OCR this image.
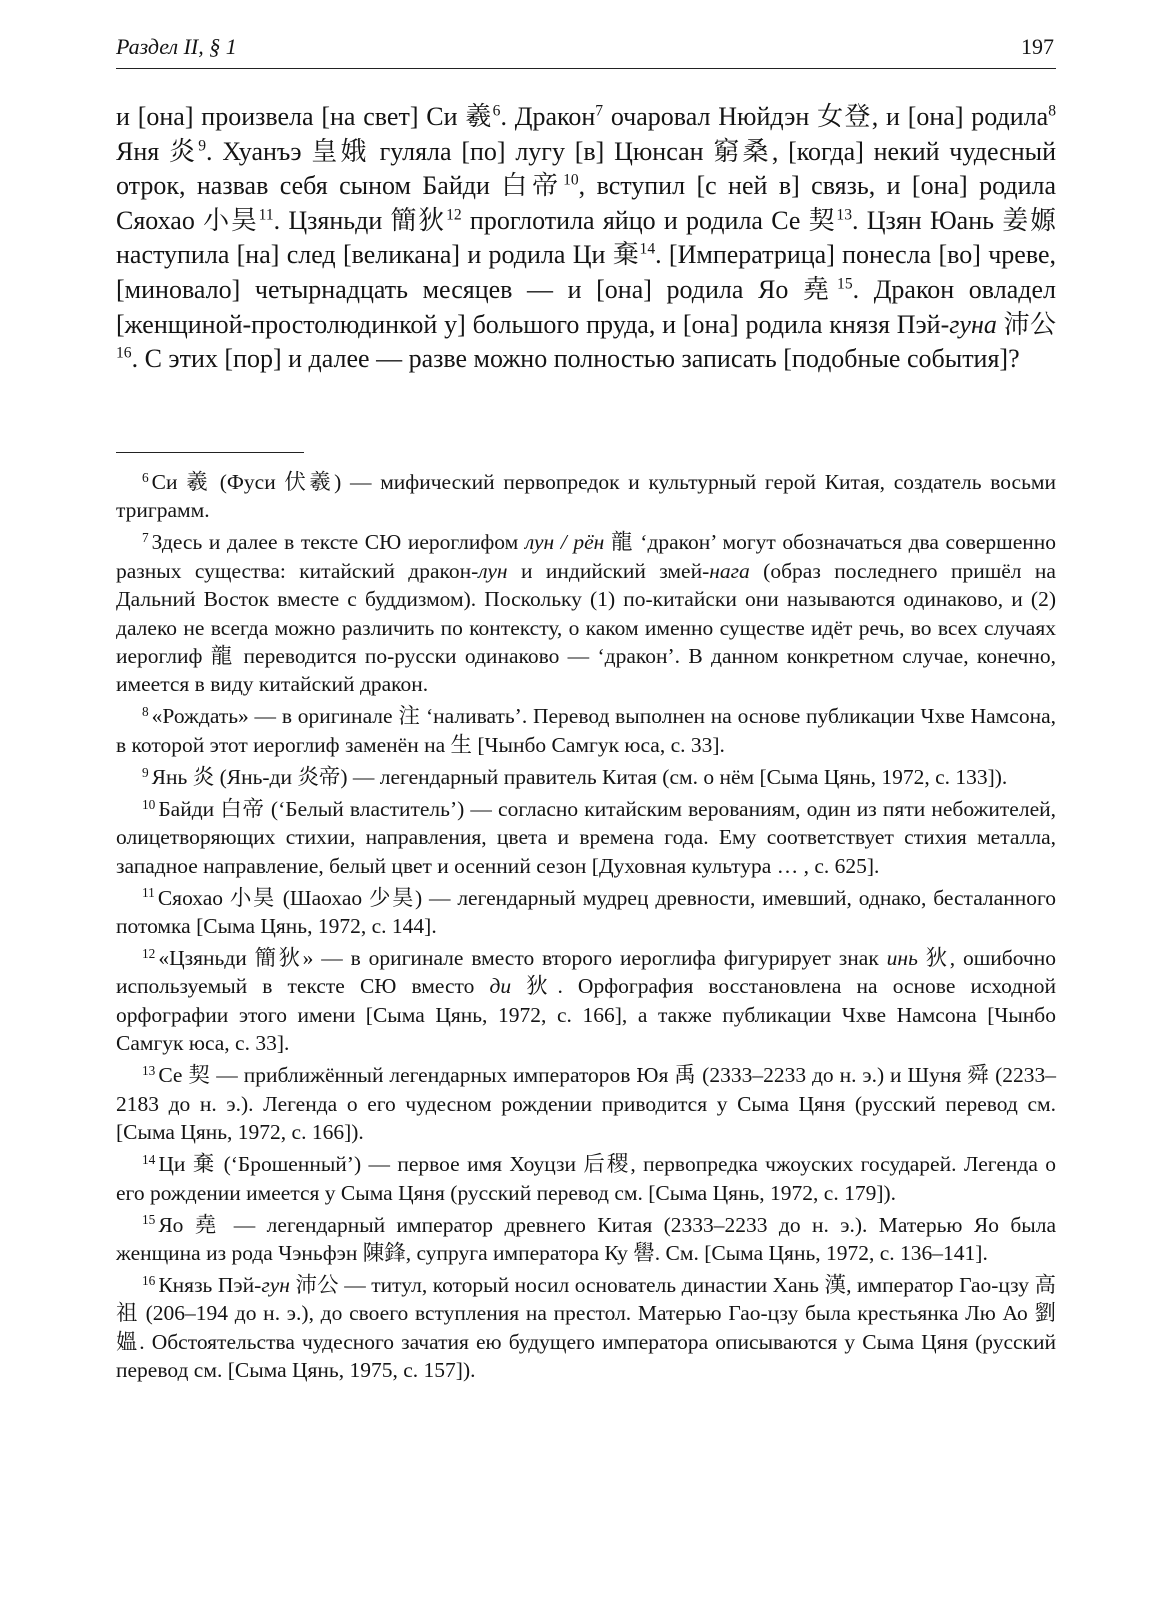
Раздел II, § 1	197

и [она] произвела [на свет] Си 羲$^6$. Дракон$^7$ очаровал Нюйдэн 女登, и [она] родила$^8$ Яня 炎$^9$. Хуанъэ 皇娥 гуляла [по] лугу [в] Цюнсан 窮桑, [когда] некий чудесный отрок, назвав себя сыном Байди 白帝$^{10}$, вступил [с ней в] связь, и [она] родила Сяохао 小昊$^{11}$. Цзяньди 簡狄$^{12}$ проглотила яйцо и родила Се 契$^{13}$. Цзян Юань 姜嫄 наступила [на] след [великана] и родила Ци 棄$^{14}$. [Императрица] понесла [во] чреве, [миновало] четырнадцать месяцев — и [она] родила Яо 堯$^{15}$. Дракон овладел [женщиной-простолюдинкой у] большого пруда, и [она] родила князя Пэй-гуна 沛公$^{16}$. С этих [пор] и далее — разве можно полностью записать [подобные события]?

$^6$ Си 羲 (Фуси 伏羲) — мифический первопредок и культурный герой Китая, создатель восьми триграмм.

$^7$ Здесь и далее в тексте СЮ иероглифом лун / рён 龍 ‘дракон’ могут обозначаться два совершенно разных существа: китайский дракон-лун и индийский змей-нага (образ последнего пришёл на Дальний Восток вместе с буддизмом). Поскольку (1) по-китайски они называются одинаково, и (2) далеко не всегда можно различить по контексту, о каком именно существе идёт речь, во всех случаях иероглиф 龍 переводится по-русски одинаково — ‘дракон’. В данном конкретном случае, конечно, имеется в виду китайский дракон.

$^8$ «Рождать» — в оригинале 注 ‘наливать’. Перевод выполнен на основе публикации Чхве Намсона, в которой этот иероглиф заменён на 生 [Чынбо Самгук юса, с. 33].

$^9$ Янь 炎 (Янь-ди 炎帝) — легендарный правитель Китая (см. о нём [Сыма Цянь, 1972, с. 133]).

$^{10}$ Байди 白帝 (‘Белый властитель’) — согласно китайским верованиям, один из пяти небожителей, олицетворяющих стихии, направления, цвета и времена года. Ему соответствует стихия металла, западное направление, белый цвет и осенний сезон [Духовная культура … , с. 625].

$^{11}$ Сяохао 小昊 (Шаохао 少昊) — легендарный мудрец древности, имевший, однако, бесталанного потомка [Сыма Цянь, 1972, с. 144].

$^{12}$ «Цзяньди 簡狄» — в оригинале вместо второго иероглифа фигурирует знак инь 狄, ошибочно используемый в тексте СЮ вместо ди 狄. Орфография восстановлена на основе исходной орфографии этого имени [Сыма Цянь, 1972, с. 166], а также публикации Чхве Намсона [Чынбо Самгук юса, с. 33].

$^{13}$ Се 契 — приближённый легендарных императоров Юя 禹 (2333–2233 до н. э.) и Шуня 舜 (2233–2183 до н. э.). Легенда о его чудесном рождении приводится у Сыма Цяня (русский перевод см. [Сыма Цянь, 1972, с. 166]).

$^{14}$ Ци 棄 (‘Брошенный’) — первое имя Хоуцзи 后稷, первопредка чжоуских государей. Легенда о его рождении имеется у Сыма Цяня (русский перевод см. [Сыма Цянь, 1972, с. 179]).

$^{15}$ Яо 堯 — легендарный император древнего Китая (2333–2233 до н. э.). Матерью Яо была женщина из рода Чэньфэн 陳鋒, супруга императора Ку 嚳. См. [Сыма Цянь, 1972, с. 136–141].

$^{16}$ Князь Пэй-гун 沛公 — титул, который носил основатель династии Хань 漢, император Гао-цзу 高祖 (206–194 до н. э.), до своего вступления на престол. Матерью Гао-цзу была крестьянка Лю Ао 劉媼. Обстоятельства чудесного зачатия ею будущего императора описываются у Сыма Цяня (русский перевод см. [Сыма Цянь, 1975, с. 157]).
